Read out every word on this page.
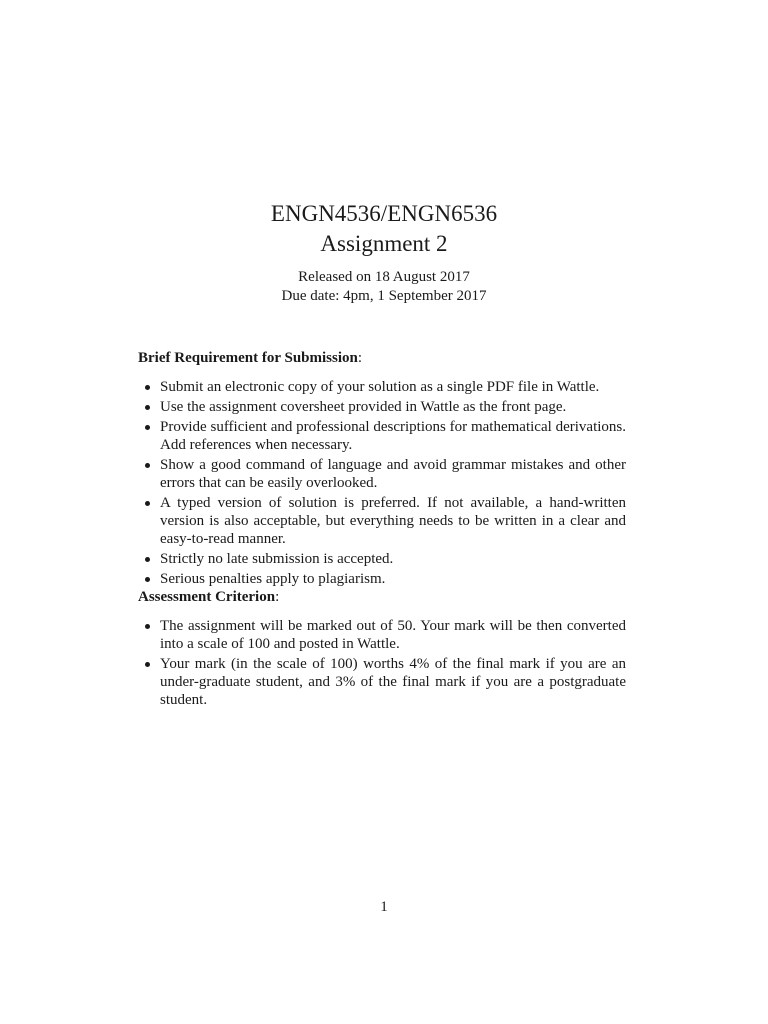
ENGN4536/ENGN6536
Assignment 2
Released on 18 August 2017
Due date: 4pm, 1 September 2017

Brief Requirement for Submission:

Submit an electronic copy of your solution as a single PDF file in Wattle.
Use the assignment coversheet provided in Wattle as the front page.
Provide sufficient and professional descriptions for mathematical derivations. Add references when necessary.
Show a good command of language and avoid grammar mistakes and other errors that can be easily overlooked.
A typed version of solution is preferred. If not available, a hand-written version is also acceptable, but everything needs to be written in a clear and easy-to-read manner.
Strictly no late submission is accepted.
Serious penalties apply to plagiarism.

Assessment Criterion:

The assignment will be marked out of 50. Your mark will be then converted into a scale of 100 and posted in Wattle.
Your mark (in the scale of 100) worths 4% of the final mark if you are an under-graduate student, and 3% of the final mark if you are a postgraduate student.
1
